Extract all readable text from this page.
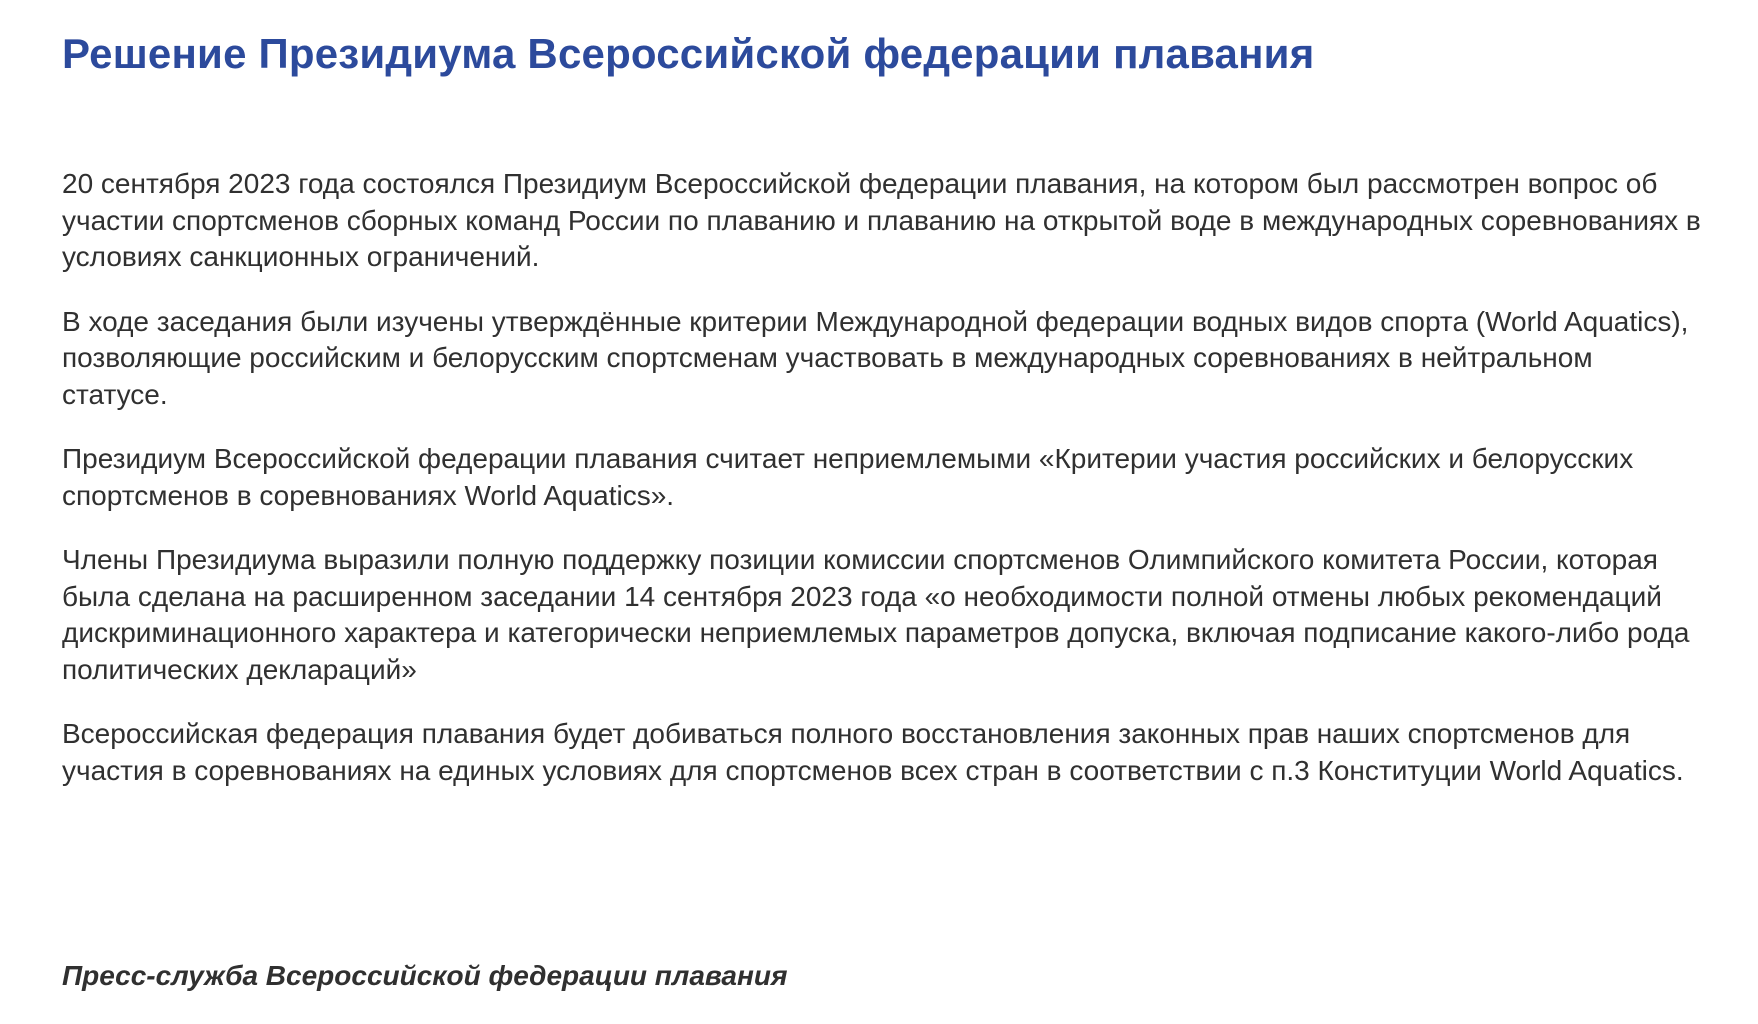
Решение Президиума Всероссийской федерации плавания

20 сентября 2023 года состоялся Президиум Всероссийской федерации плавания, на котором был рассмотрен вопрос об участии спортсменов сборных команд России по плаванию и плаванию на открытой воде в международных соревнованиях в условиях санкционных ограничений.

В ходе заседания были изучены утверждённые критерии Международной федерации водных видов спорта (World Aquatics), позволяющие российским и белорусским спортсменам участвовать в международных соревнованиях в нейтральном статусе.

Президиум Всероссийской федерации плавания считает неприемлемыми «Критерии участия российских и белорусских спортсменов в соревнованиях World Aquatics».

Члены Президиума выразили полную поддержку позиции комиссии спортсменов Олимпийского комитета России, которая была сделана на расширенном заседании 14 сентября 2023 года «о необходимости полной отмены любых рекомендаций дискриминационного характера и категорически неприемлемых параметров допуска, включая подписание какого-либо рода политических деклараций»

Всероссийская федерация плавания будет добиваться полного восстановления законных прав наших спортсменов для участия в соревнованиях на единых условиях для спортсменов всех стран в соответствии с п.3 Конституции World Aquatics.

Пресс-служба Всероссийской федерации плавания
